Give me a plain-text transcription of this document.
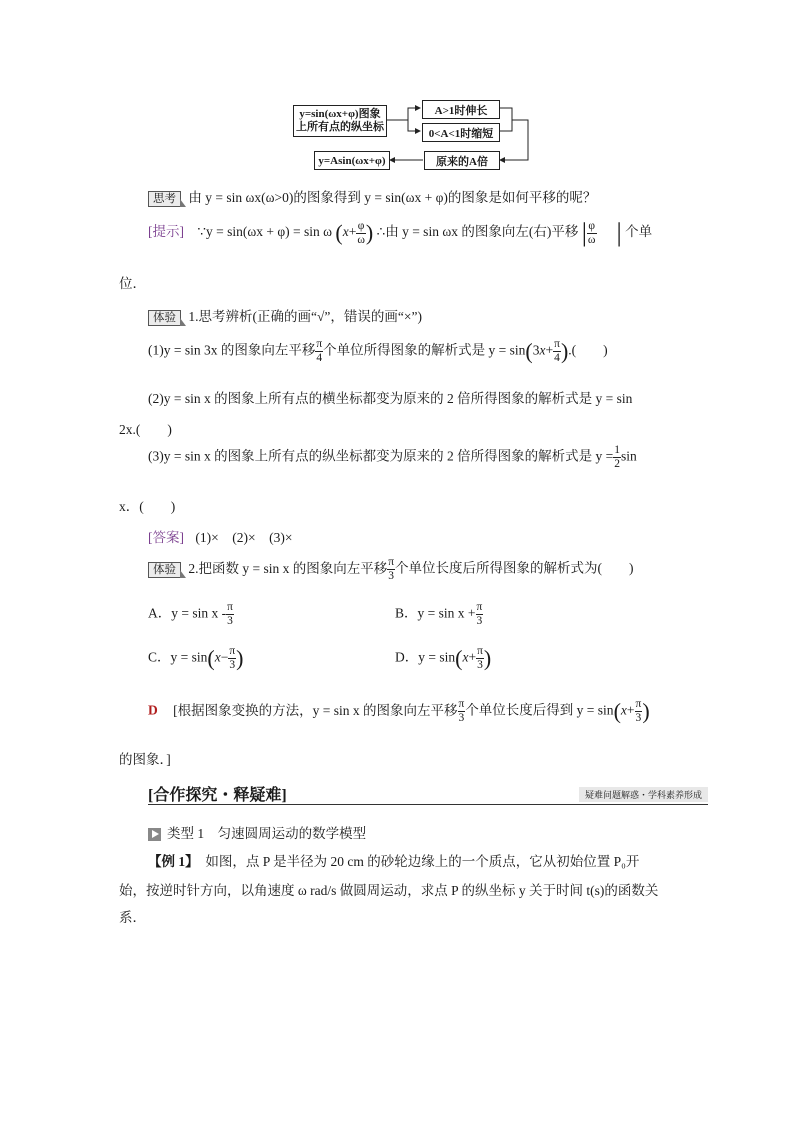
y=sin(ωx+φ)图象
上所有点的纵坐标
A>1时伸长
0<A<1时缩短
原来的A倍
y=Asin(ωx+φ)
思考 由 y = sin ωx(ω>0)的图象得到 y = sin(ωx + φ)的图象是如何平移的呢？
[提示] ∵y = sin(ωx + φ) = sin ω ($x+ \frac{\varphi}{\omega}$ ) ∴由 y = sin ωx 的图象向左(右)平移 | $\frac{\varphi}{\omega}$ | 个单
位．
体验 1.思考辨析(正确的画“√”，错误的画“×”)
(1)y = sin 3x 的图象向左平移 $\frac{\pi}{4}$ 个单位所得图象的解析式是 $y = \sin(3x+ \frac{\pi}{4}$ ).(　　)
(2)y = sin x 的图象上所有点的横坐标都变为原来的 2 倍所得图象的解析式是 y = sin
2x.(　　)
(3)y = sin x 的图象上所有点的纵坐标都变为原来的 2 倍所得图象的解析式是 $y = \frac{1}{2}$ sin
x．(　　)
[答案] (1)×　(2)×　(3)×
体验 2.把函数 y = sin x 的图象向左平移 $\frac{\pi}{3}$ 个单位长度后所得图象的解析式为(　　)
A．$y = \sin x - \frac{\pi}{3}$	B．$y = \sin x + \frac{\pi}{3}$
C．$y = \sin(x- \frac{\pi}{3}$ )	D．$y = \sin(x+ \frac{\pi}{3}$ )
D [根据图象变换的方法，y = sin x 的图象向左平移 $\frac{\pi}{3}$ 个单位长度后得到 $y = \sin(x+ \frac{\pi}{3}$ )
的图象．]
[合作探究・释疑难]	疑难问题解惑・学科素养形成
类型 1　匀速圆周运动的数学模型
【例 1】　如图，点 P 是半径为 20 cm 的砂轮边缘上的一个质点，它从初始位置 P₀开
始，按逆时针方向，以角速度 ω rad/s 做圆周运动，求点 P 的纵坐标 y 关于时间 t(s)的函数关
系．
